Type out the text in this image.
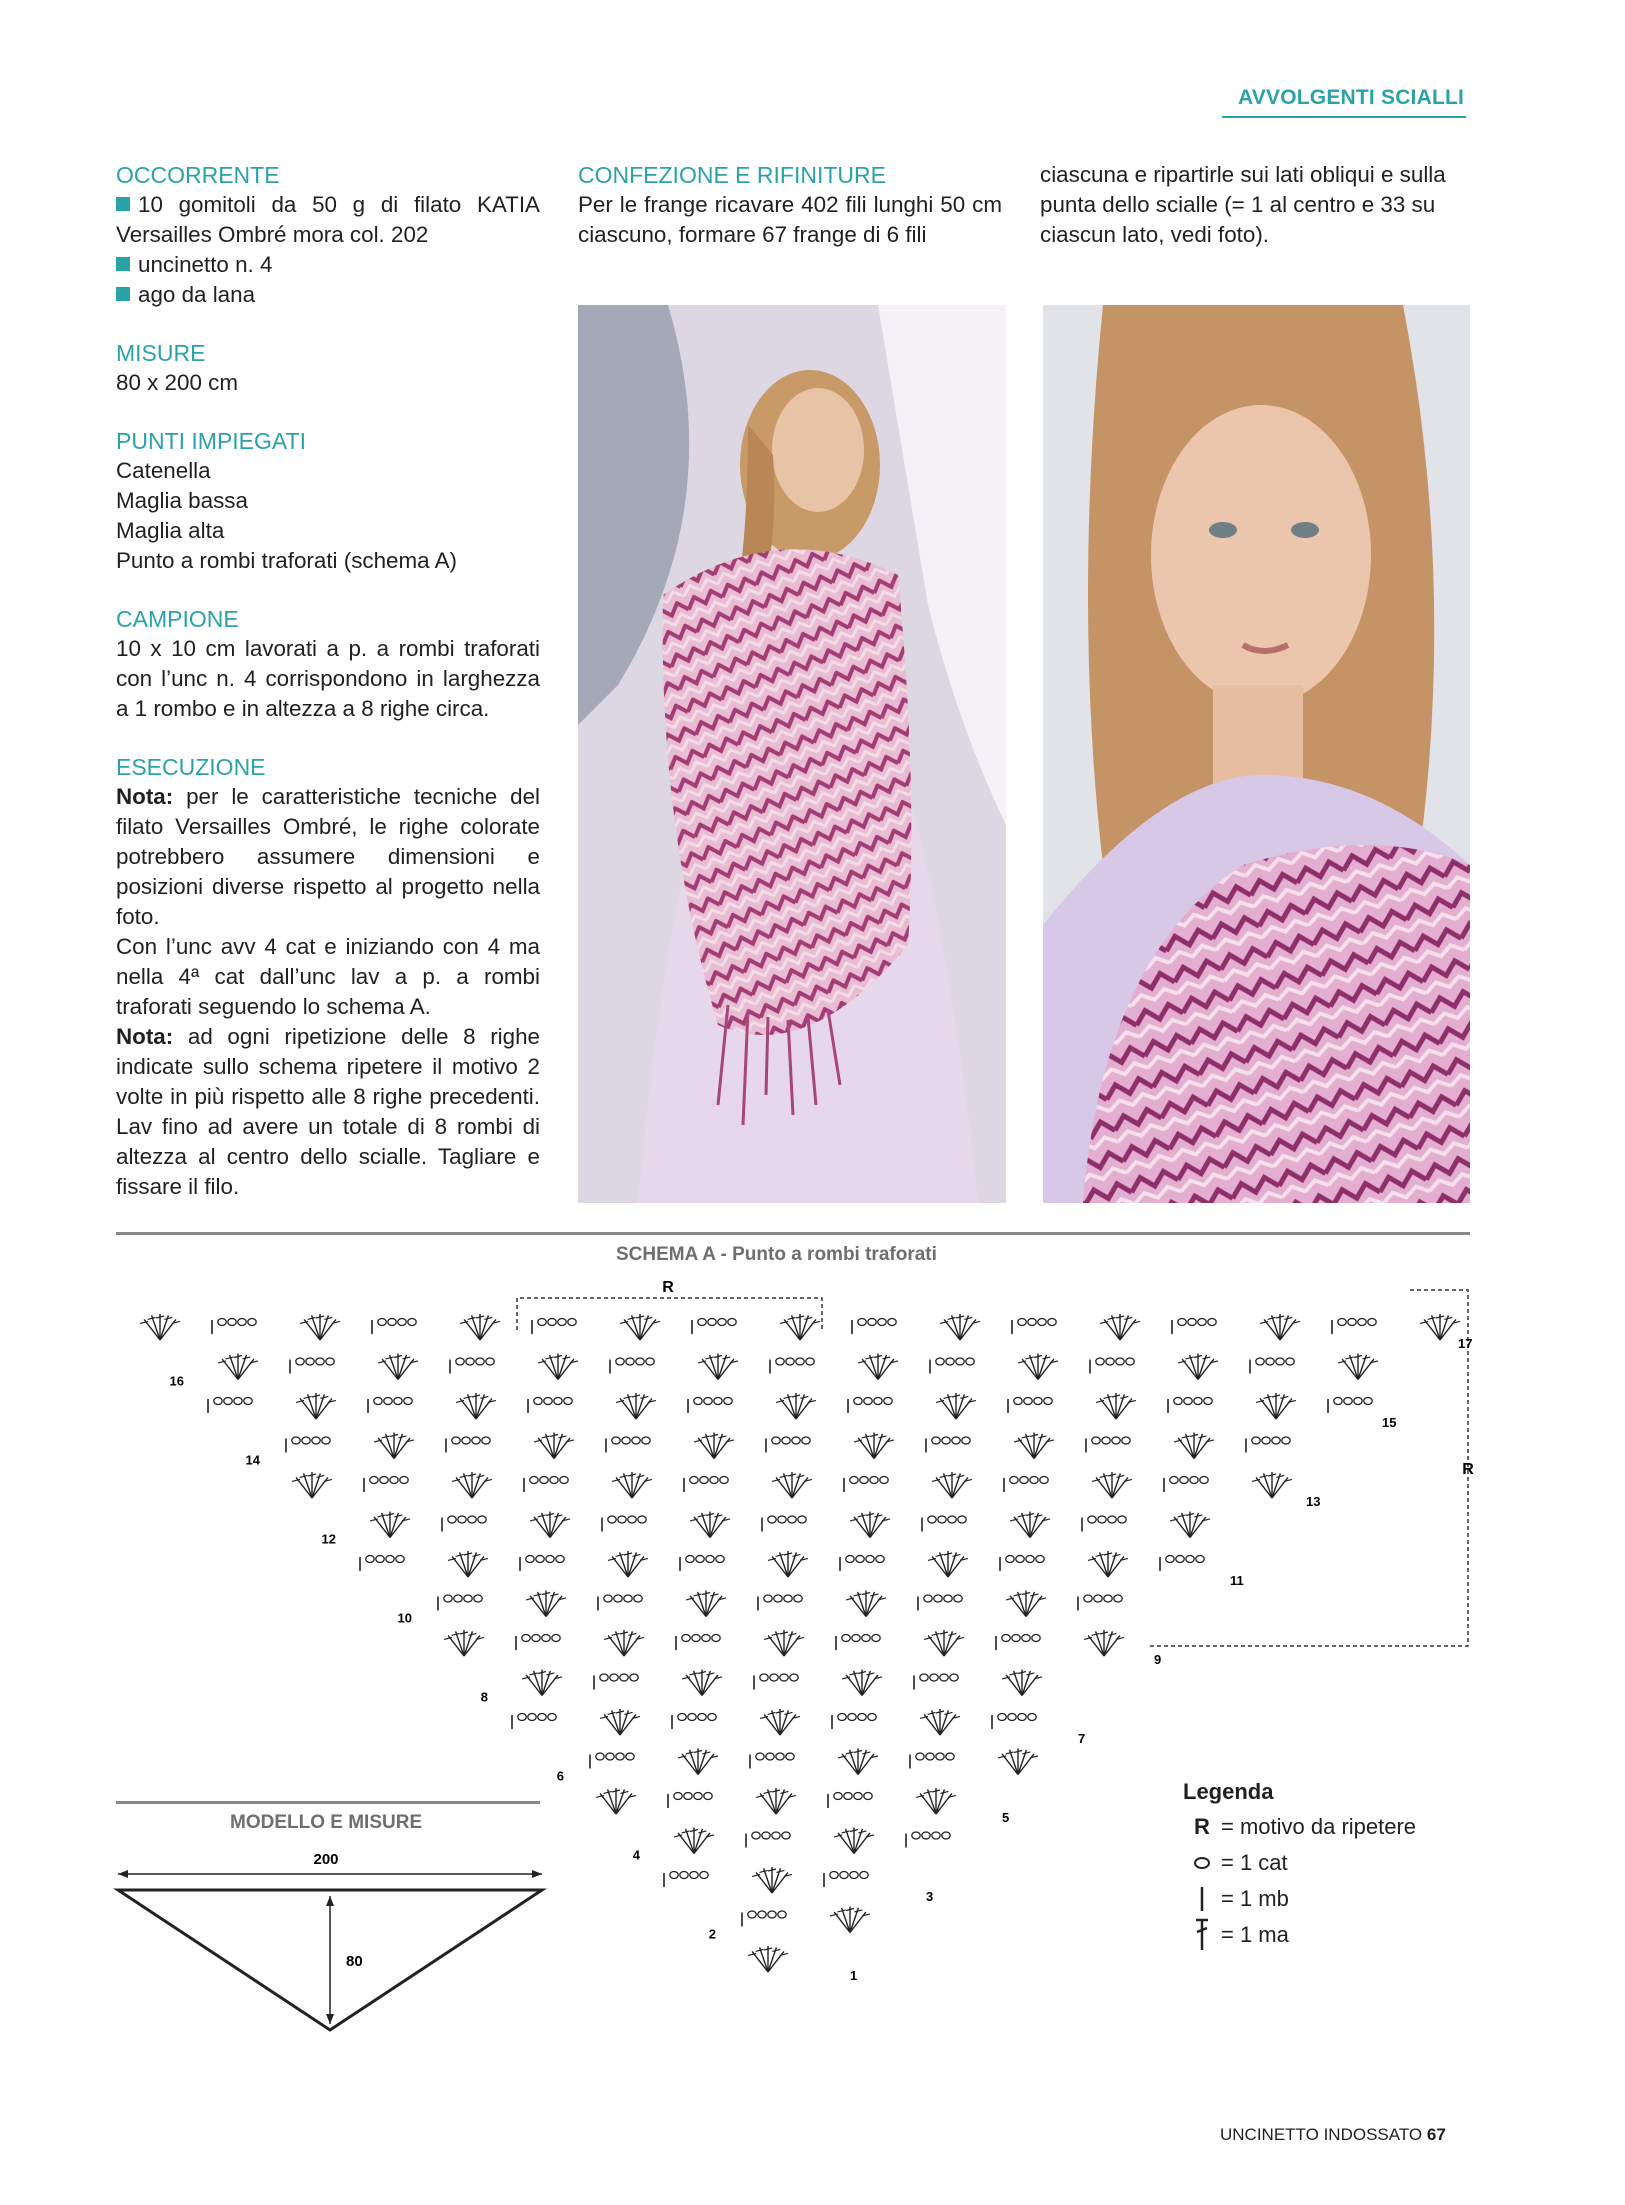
AVVOLGENTI SCIALLI
OCCORRENTE

10 gomitoli da 50 g di filato KATIA Versailles Ombré mora col. 202

uncinetto n. 4

ago da lana

MISURE

80 x 200 cm

PUNTI IMPIEGATI

Catenella

Maglia bassa

Maglia alta

Punto a rombi traforati (schema A)

CAMPIONE

10 x 10 cm lavorati a p. a rombi traforati con l’unc n. 4 corrispondono in larghezza a 1 rombo e in altezza a 8 righe circa.

ESECUZIONE

Nota: per le caratteristiche tecniche del filato Versailles Ombré, le righe colorate potrebbero assumere dimensioni e posizioni diverse rispetto al progetto nella foto.

Con l’unc avv 4 cat e iniziando con 4 ma nella 4ª cat dall’unc lav a p. a rombi traforati seguendo lo schema A.

Nota: ad ogni ripetizione delle 8 righe indicate sullo schema ripetere il motivo 2 volte in più rispetto alle 8 righe precedenti. Lav fino ad avere un totale di 8 rombi di altezza al centro dello scialle. Tagliare e fissare il filo.

CONFEZIONE E RIFINITURE

Per le frange ricavare 402 fili lunghi 50 cm ciascuno, formare 67 frange di 6 fili

ciascuna e ripartirle sui lati obliqui e sulla punta dello scialle (= 1 al centro e 33 su ciascun lato, vedi foto).

SCHEMA A - Punto a rombi traforati
R
R
2
4
6
8
10
12
14
16
1
3
5
7
9
11
13
15
17
Legenda
R = motivo da ripetere
= 1 cat
= 1 mb
= 1 ma
MODELLO E MISURE
200
80
UNCINETTO INDOSSATO 67
